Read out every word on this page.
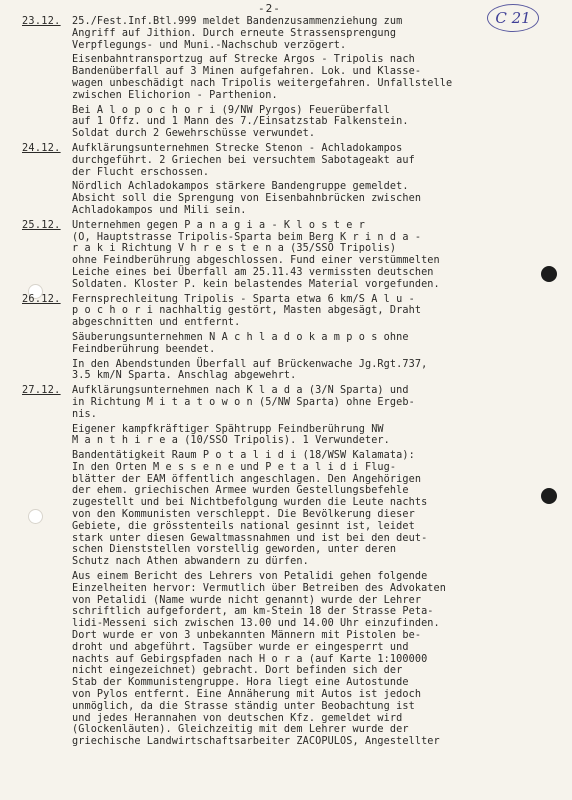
-2-
C 21
23.12. 25./Fest.Inf.Btl.999 meldet Bandenzusammenziehung zum
Angriff auf Jithion. Durch erneute Strassensprengung
Verpflegungs- und Muni.-Nachschub verzögert.

Eisenbahntransportzug auf Strecke Argos - Tripolis nach
Bandenüberfall auf 3 Minen aufgefahren. Lok. und Klasse-
wagen unbeschädigt nach Tripolis weitergefahren. Unfallstelle
zwischen Elichorion - Parthenion.

Bei A l o p o c h o r i (9/NW Pyrgos) Feuerüberfall
auf 1 Offz. und 1 Mann des 7./Einsatzstab Falkenstein.
Soldat durch 2 Gewehrschüsse verwundet.

24.12. Aufklärungsunternehmen Strecke Stenon - Achladokampos
durchgeführt. 2 Griechen bei versuchtem Sabotageakt auf
der Flucht erschossen.

Nördlich Achladokampos stärkere Bandengruppe gemeldet.
Absicht soll die Sprengung von Eisenbahnbrücken zwischen
Achladokampos und Mili sein.

25.12. Unternehmen gegen P a n a g i a - K l o s t e r
(O, Hauptstrasse Tripolis-Sparta beim Berg K r i n d a -
r a k i Richtung V h r e s t e n a (35/SSO Tripolis)
ohne Feindberührung abgeschlossen. Fund einer verstümmelten
Leiche eines bei Überfall am 25.11.43 vermissten deutschen
Soldaten. Kloster P. kein belastendes Material vorgefunden.

26.12. Fernsprechleitung Tripolis - Sparta etwa 6 km/S A l u -
p o c h o r i nachhaltig gestört, Masten abgesägt, Draht
abgeschnitten und entfernt.

Säuberungsunternehmen N A c h l a d o k a m p o s ohne
Feindberührung beendet.

In den Abendstunden Überfall auf Brückenwache Jg.Rgt.737,
3.5 km/N Sparta. Anschlag abgewehrt.

27.12. Aufklärungsunternehmen nach K l a d a (3/N Sparta) und
in Richtung M i t a t o w o n (5/NW Sparta) ohne Ergeb-
nis.

Eigener kampfkräftiger Spähtrupp Feindberührung NW
M a n t h i r e a (10/SSO Tripolis). 1 Verwundeter.

Bandentätigkeit Raum P o t a l i d i (18/WSW Kalamata):
In den Orten M e s s e n e und P e t a l i d i Flug-
blätter der EAM öffentlich angeschlagen. Den Angehörigen
der ehem. griechischen Armee wurden Gestellungsbefehle
zugestellt und bei Nichtbefolgung wurden die Leute nachts
von den Kommunisten verschleppt. Die Bevölkerung dieser
Gebiete, die grösstenteils national gesinnt ist, leidet
stark unter diesen Gewaltmassnahmen und ist bei den deut-
schen Dienststellen vorstellig geworden, unter deren
Schutz nach Athen abwandern zu dürfen.

Aus einem Bericht des Lehrers von Petalidi gehen folgende
Einzelheiten hervor: Vermutlich über Betreiben des Advokaten
von Petalidi (Name wurde nicht genannt) wurde der Lehrer
schriftlich aufgefordert, am km-Stein 18 der Strasse Peta-
lidi-Messeni sich zwischen 13.00 und 14.00 Uhr einzufinden.
Dort wurde er von 3 unbekannten Männern mit Pistolen be-
droht und abgeführt. Tagsüber wurde er eingesperrt und
nachts auf Gebirgspfaden nach H o r a (auf Karte 1:100000
nicht eingezeichnet) gebracht. Dort befinden sich der
Stab der Kommunistengruppe. Hora liegt eine Autostunde
von Pylos entfernt. Eine Annäherung mit Autos ist jedoch
unmöglich, da die Strasse ständig unter Beobachtung ist
und jedes Herannahen von deutschen Kfz. gemeldet wird
(Glockenläuten). Gleichzeitig mit dem Lehrer wurde der
griechische Landwirtschaftsarbeiter ZACOPULOS, Angestellter
